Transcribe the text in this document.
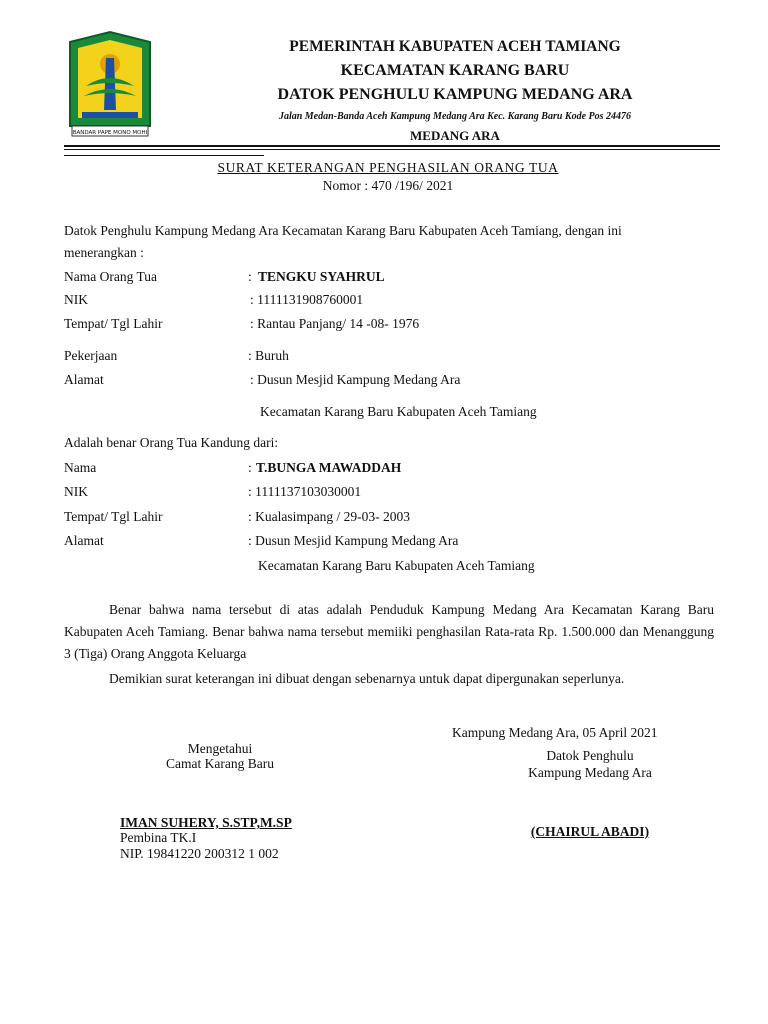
BANDAR PAPE MONO MOHI
PEMERINTAH KABUPATEN ACEH TAMIANG
KECAMATAN KARANG BARU
DATOK PENGHULU KAMPUNG MEDANG ARA
Jalan Medan-Banda Aceh Kampung Medang Ara Kec. Karang Baru Kode Pos 24476
MEDANG ARA
SURAT KETERANGAN PENGHASILAN ORANG TUA
Nomor : 470 /196/ 2021
Datok Penghulu Kampung Medang Ara Kecamatan Karang Baru Kabupaten Aceh Tamiang, dengan ini
menerangkan :
Nama Orang Tua	: TENGKU SYAHRUL
NIK	: 1111131908760001
Tempat/ Tgl Lahir	: Rantau Panjang/ 14 -08- 1976
Pekerjaan	: Buruh
Alamat	: Dusun Mesjid Kampung Medang Ara
Kecamatan Karang Baru Kabupaten Aceh Tamiang
Adalah benar Orang Tua Kandung dari:
Nama	: T.BUNGA MAWADDAH
NIK	: 1111137103030001
Tempat/ Tgl Lahir	: Kualasimpang / 29-03- 2003
Alamat	: Dusun Mesjid Kampung Medang Ara
Kecamatan Karang Baru Kabupaten Aceh Tamiang
Benar bahwa nama tersebut di atas adalah Penduduk Kampung Medang Ara Kecamatan Karang Baru Kabupaten Aceh Tamiang. Benar bahwa nama tersebut memiiki penghasilan Rata-rata Rp. 1.500.000 dan Menanggung 3 (Tiga) Orang Anggota Keluarga
Demikian surat keterangan ini dibuat dengan sebenarnya untuk dapat dipergunakan seperlunya.
Kampung Medang Ara, 05 April 2021
Mengetahui
Camat Karang Baru
Datok Penghulu
Kampung Medang Ara
IMAN SUHERY, S.STP,M.SP
Pembina TK.I
NIP. 19841220 200312 1 002
(CHAIRUL ABADI)
